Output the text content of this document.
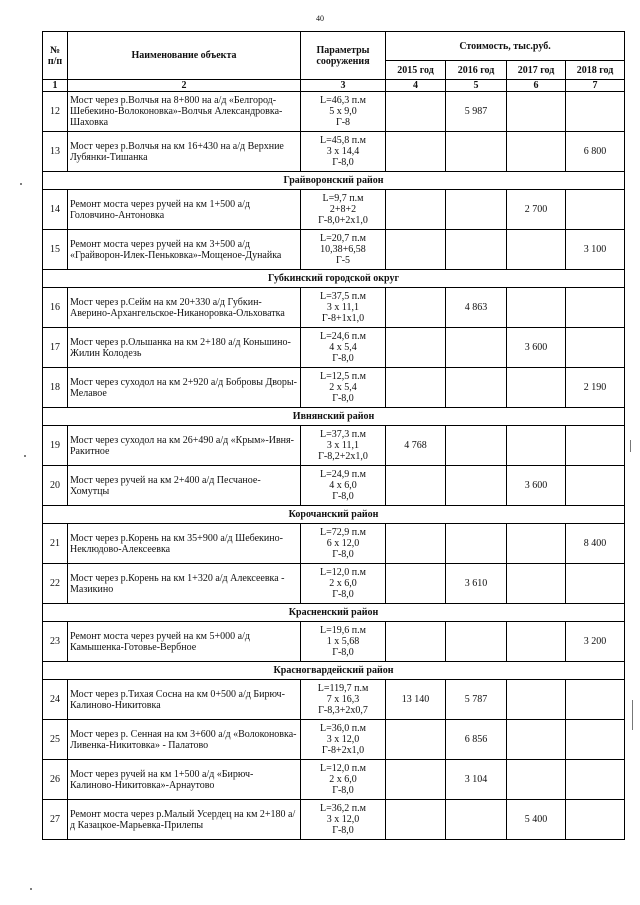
40
№ п/п	Наименование объекта	Параметры сооружения	Стоимость, тыс.руб.			
			2015 год	2016 год	2017 год	2018 год
1	2	3	4	5	6	7
12	Мост через р.Волчья на 8+800 на а/д «Белгород-Шебекино-Волоконовка»-Волчья Александровка-Шаховка	L=46,3 п.м
5 x 9,0
Г-8		5 987		
13	Мост через р.Волчья на км 16+430 на а/д Верхние Лубянки-Тишанка	L=45,8 п.м
3 x 14,4
Г-8,0				6 800
Грайворонский район						
14	Ремонт моста через ручей на км 1+500 а/д Головчино-Антоновка	L=9,7 п.м
2+8+2
Г-8,0+2x1,0			2 700	
15	Ремонт моста через ручей на км 3+500 а/д «Грайворон-Илек-Пеньковка»-Мощеное-Дунайка	L=20,7 п.м
10,38+6,58
Г-5				3 100
Губкинский городской округ						
16	Мост через р.Сейм на км 20+330 а/д Губкин-Аверино-Архангельское-Никаноровка-Ольховатка	L=37,5 п.м
3 x 11,1
Г-8+1x1,0		4 863		
17	Мост через р.Ольшанка на км 2+180 а/д Коньшино-Жилин Колодезь	L=24,6 п.м
4 x 5,4
Г-8,0			3 600	
18	Мост через суходол на км 2+920 а/д Бобровы Дворы-Мелавое	L=12,5 п.м
2 x 5,4
Г-8,0				2 190
Ивнянский район						
19	Мост через суходол на км 26+490 а/д «Крым»-Ивня-Ракитное	L=37,3 п.м
3 x 11,1
Г-8,2+2x1,0	4 768			
20	Мост через ручей на км 2+400 а/д Песчаное-Хомутцы	L=24,9 п.м
4 x 6,0
Г-8,0			3 600	
Корочанский район						
21	Мост через р.Корень на км 35+900 а/д Шебекино-Неклюдово-Алексеевка	L=72,9 п.м
6 x 12,0
Г-8,0				8 400
22	Мост через р.Корень на км 1+320 а/д Алексеевка - Мазикино	L=12,0 п.м
2 x 6,0
Г-8,0		3 610		
Красненский район						
23	Ремонт моста через ручей на км 5+000 а/д Камышенка-Готовье-Вербное	L=19,6 п.м
1 x 5,68
Г-8,0				3 200
Красногвардейский район						
24	Мост через р.Тихая Сосна на км 0+500 а/д Бирюч-Калиново-Никитовка	L=119,7 п.м
7 x 16,3
Г-8,3+2x0,7	13 140	5 787		
25	Мост через р. Сенная на км 3+600 а/д «Волоконовка-Ливенка-Никитовка» - Палатово	L=36,0 п.м
3 x 12,0
Г-8+2x1,0		6 856		
26	Мост через ручей на км 1+500 а/д «Бирюч-Калиново-Никитовка»-Арнаутово	L=12,0 п.м
2 x 6,0
Г-8,0		3 104		
27	Ремонт моста через р.Малый Усердец на км 2+180 а/д Казацкое-Марьевка-Прилепы	L=36,2 п.м
3 x 12,0
Г-8,0			5 400	
